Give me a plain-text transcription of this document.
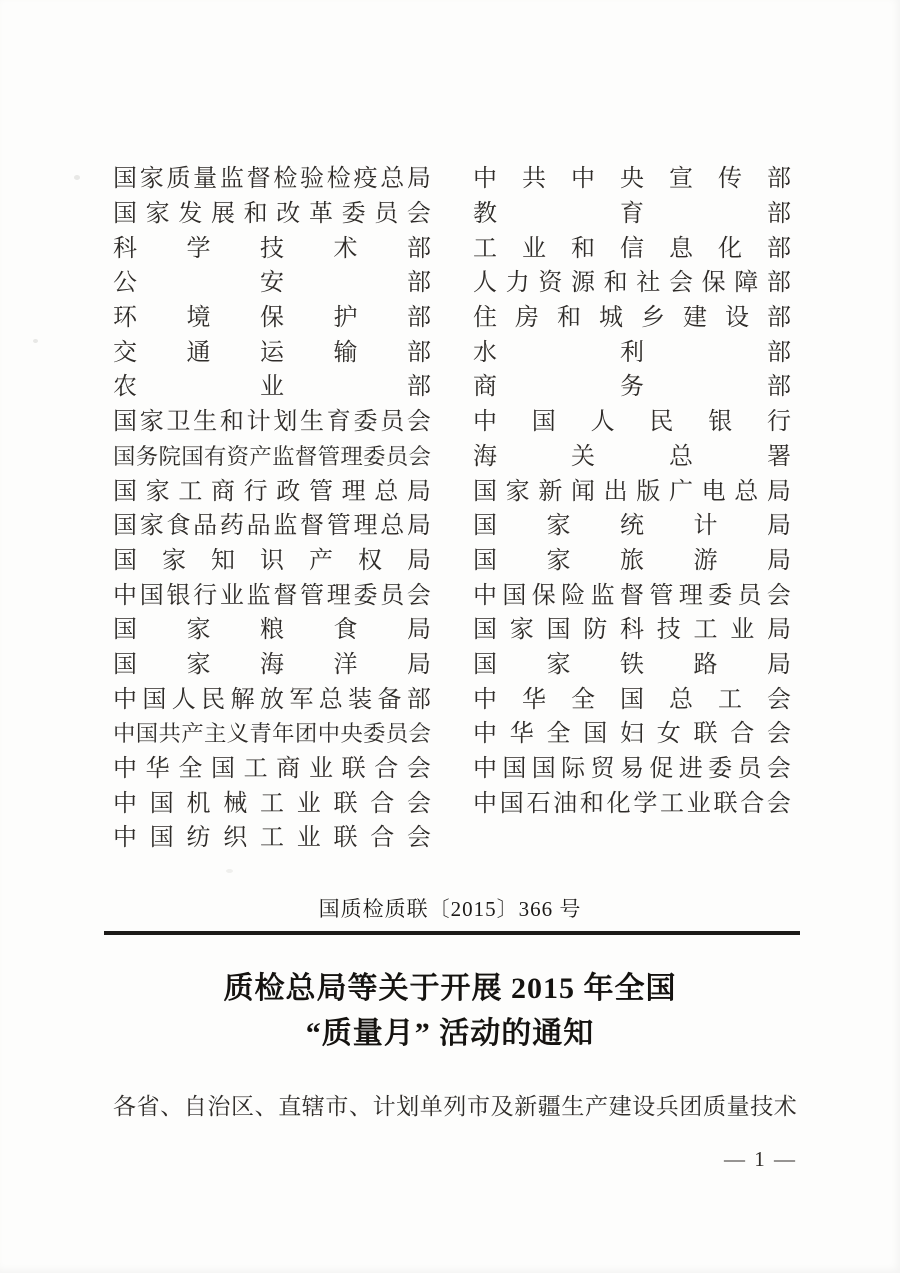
国 家 质 量 监 督 检 验 检 疫 总 局
国 家 发 展 和 改 革 委 员 会
科 学 技 术 部
公	安	部
环 境 保 护 部
交 通 运 输 部
农	业	部
国 家 卫 生 和 计 划 生 育 委 员 会
国 务 院 国 有 资 产 监 督 管 理 委 员 会
国 家 工 商 行 政 管 理 总 局
国 家 食 品 药 品 监 督 管 理 总 局
国 家 知 识 产 权 局
中 国 银 行 业 监 督 管 理 委 员 会
国 家 粮 食 局
国 家 海 洋 局
中 国 人 民 解 放 军 总 装 备 部
中 国 共 产 主 义 青 年 团 中 央 委 员 会
中 华 全 国 工 商 业 联 合 会
中 国 机 械 工 业 联 合 会
中 国 纺 织 工 业 联 合 会
中 共 中 央 宣 传 部
教	育	部
工 业 和 信 息 化 部
人 力 资 源 和 社 会 保 障 部
住 房 和 城 乡 建 设 部
水	利	部
商	务	部
中 国 人 民 银 行
海	关	总	署
国 家 新 闻 出 版 广 电 总 局
国 家 统 计 局
国 家 旅 游 局
中 国 保 险 监 督 管 理 委 员 会
国 家 国 防 科 技 工 业 局
国 家 铁 路 局
中 华 全 国 总 工 会
中 华 全 国 妇 女 联 合 会
中 国 国 际 贸 易 促 进 委 员 会
中 国 石 油 和 化 学 工 业 联 合 会
国质检质联〔2015〕366 号
质检总局等关于开展 2015 年全国
“质量月” 活动的通知
各省、自治区、直辖市、计划单列市及新疆生产建设兵团质量技术
— 1 —
